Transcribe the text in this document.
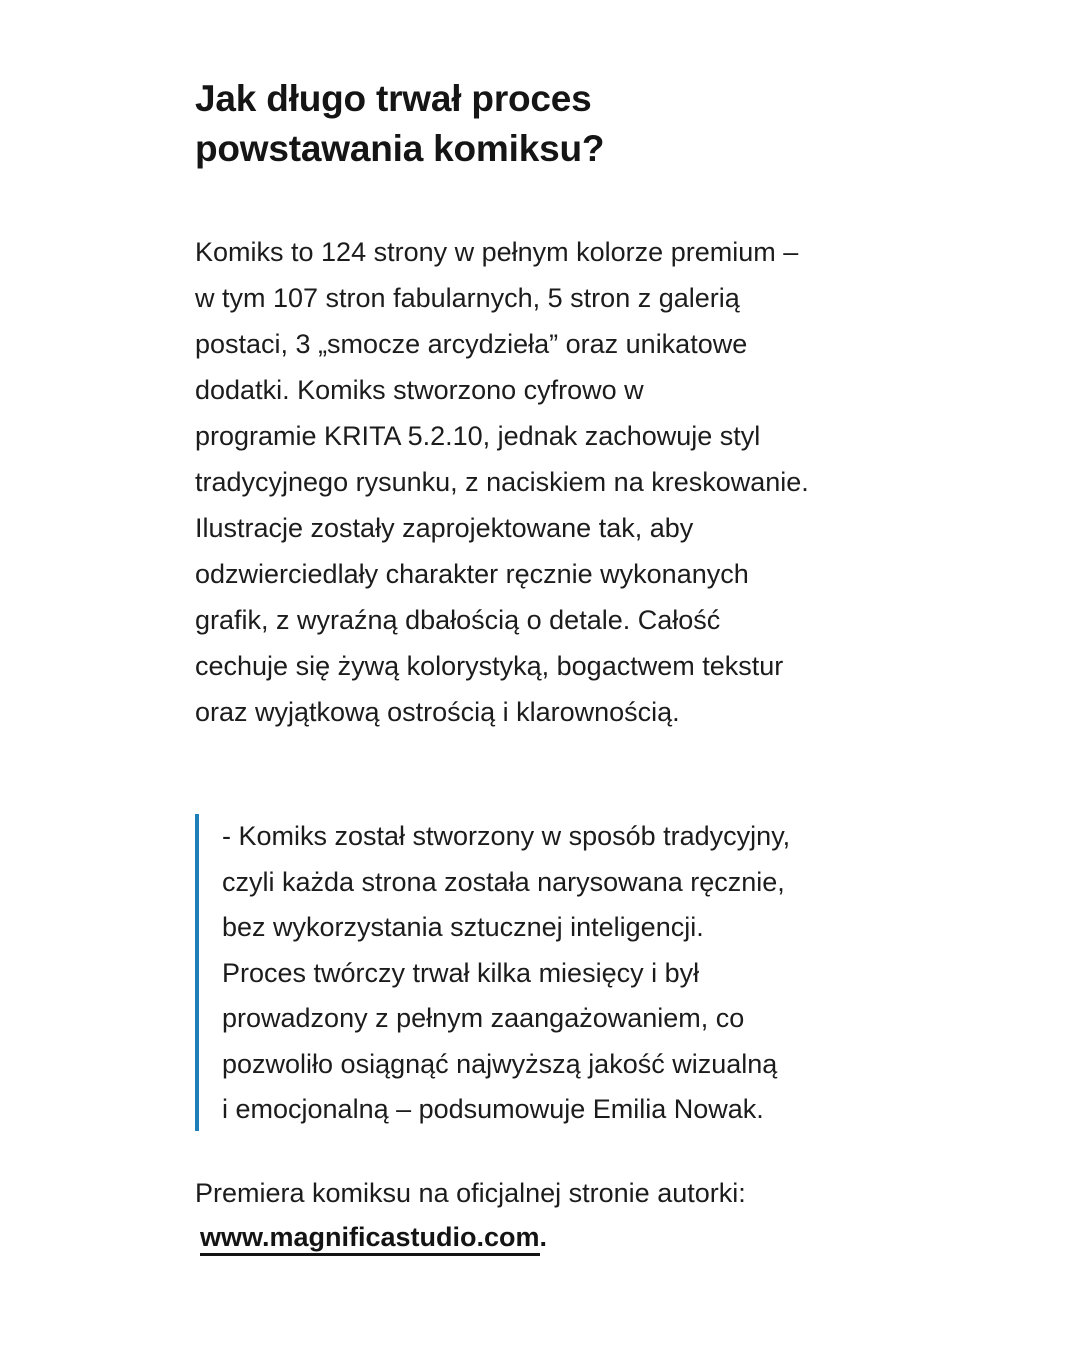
Jak długo trwał proces
powstawania komiksu?
Komiks to 124 strony w pełnym kolorze premium –
w tym 107 stron fabularnych, 5 stron z galerią
postaci, 3 „smocze arcydzieła” oraz unikatowe
dodatki. Komiks stworzono cyfrowo w
programie KRITA 5.2.10, jednak zachowuje styl
tradycyjnego rysunku, z naciskiem na kreskowanie.
Ilustracje zostały zaprojektowane tak, aby
odzwierciedlały charakter ręcznie wykonanych
grafik, z wyraźną dbałością o detale. Całość
cechuje się żywą kolorystyką, bogactwem tekstur
oraz wyjątkową ostrością i klarownością.
- Komiks został stworzony w sposób tradycyjny,
czyli każda strona została narysowana ręcznie,
bez wykorzystania sztucznej inteligencji.
Proces twórczy trwał kilka miesięcy i był
prowadzony z pełnym zaangażowaniem, co
pozwoliło osiągnąć najwyższą jakość wizualną
i emocjonalną – podsumowuje Emilia Nowak.
Premiera komiksu na oficjalnej stronie autorki:
www.magnificastudio.com.
